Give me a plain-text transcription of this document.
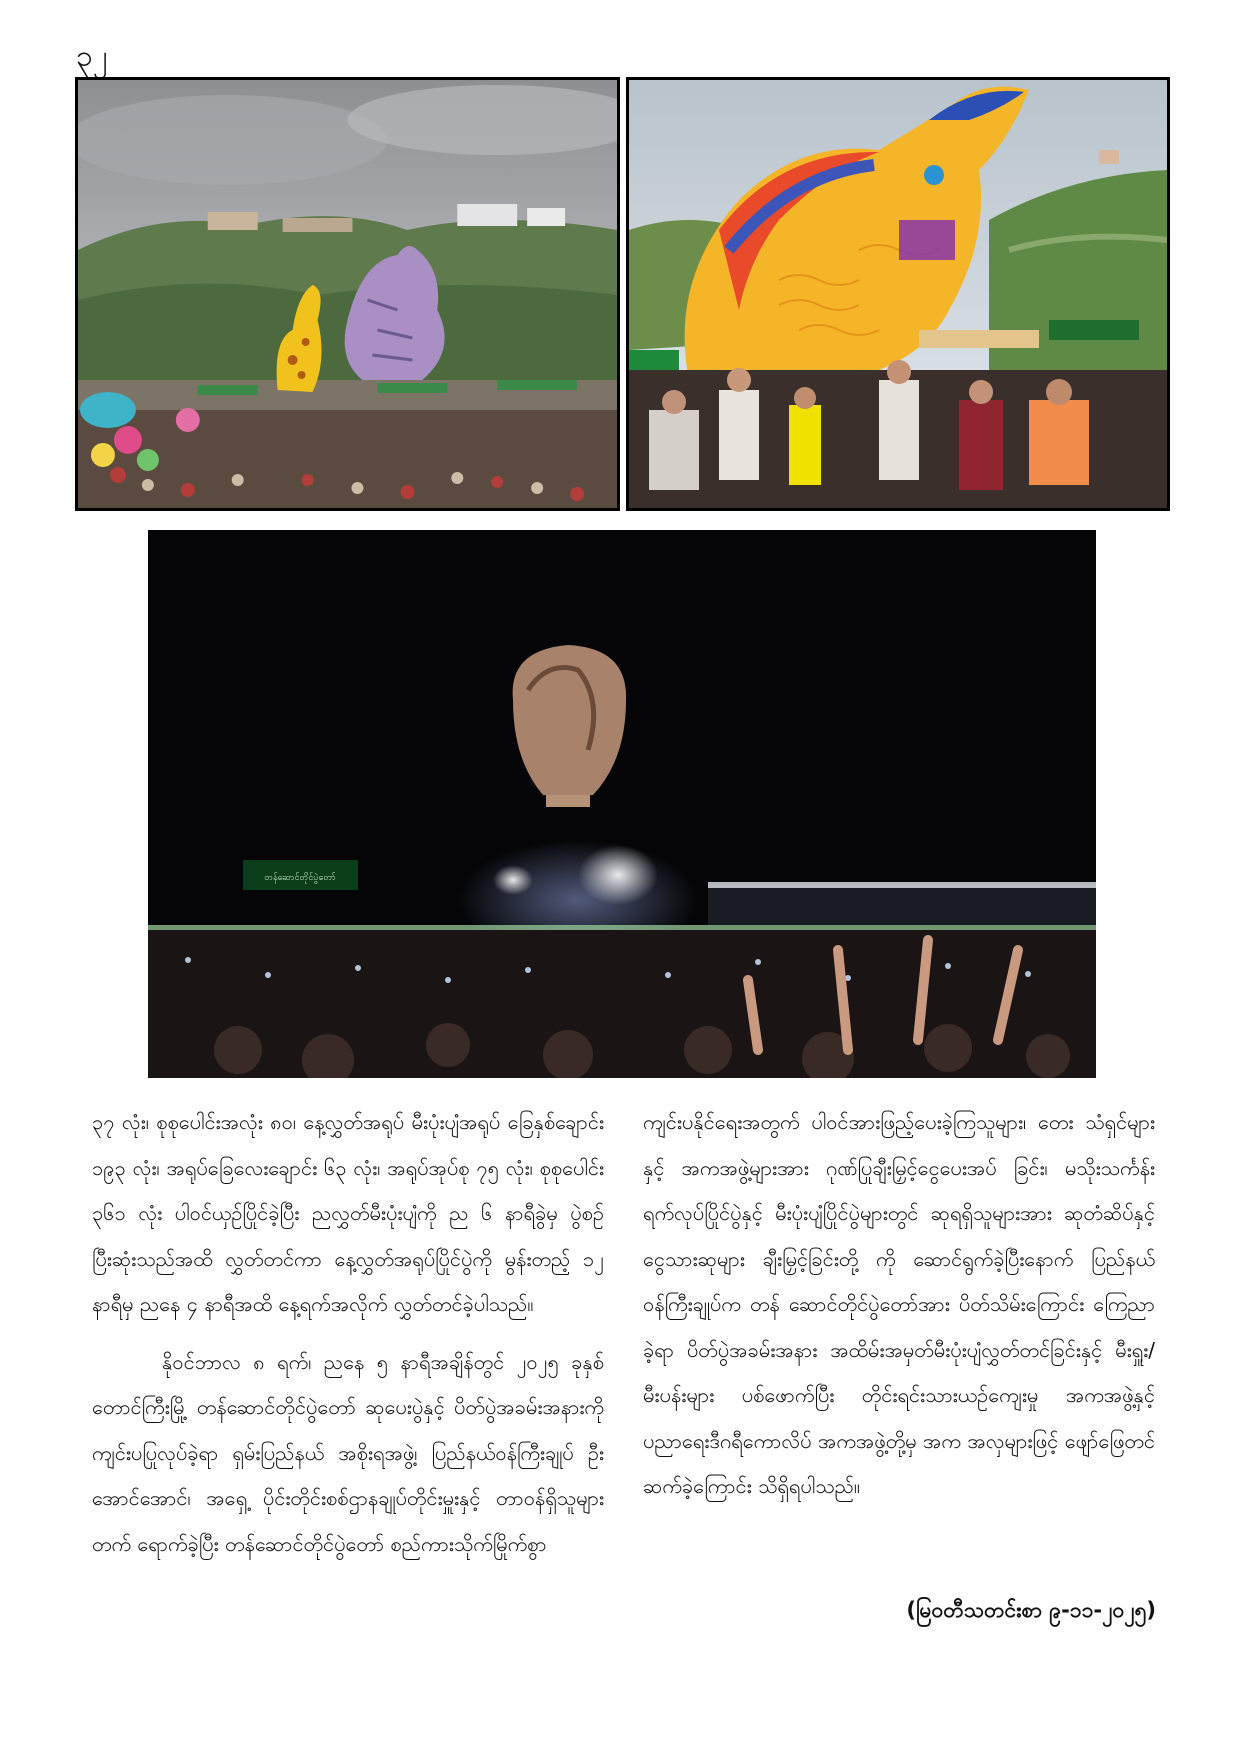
၃၂
တန်ဆောင်တိုင်ပွဲတော်

၃၇ လုံး၊ စုစုပေါင်းအလုံး ၈၀၊ နေ့လွှတ်အရုပ် မီးပုံးပျံအရုပ် ခြေနှစ်ချောင်း ၁၉၃ လုံး၊ အရုပ်ခြေလေးချောင်း ၆၃ လုံး၊ အရုပ်အုပ်စု ၇၅ လုံး၊ စုစုပေါင်း ၃၆၁ လုံး ပါဝင်ယှဉ်ပြိုင်ခဲ့ပြီး ညလွှတ်မီးပုံးပျံကို ည ၆ နာရီခွဲမှ ပွဲစဉ်ပြီးဆုံးသည်အထိ လွှတ်တင်ကာ နေ့လွှတ်အရုပ်ပြိုင်ပွဲကို မွန်းတည့် ၁၂ နာရီမှ ညနေ ၄ နာရီအထိ နေ့ရက်အလိုက် လွှတ်တင်ခဲ့ပါသည်။

နိုဝင်ဘာလ ၈ ရက်၊ ညနေ ၅ နာရီအချိန်တွင် ၂၀၂၅ ခုနှစ် တောင်ကြီးမြို့ တန်ဆောင်တိုင်ပွဲတော် ဆုပေးပွဲနှင့် ပိတ်ပွဲအခမ်းအနားကို ကျင်းပပြုလုပ်ခဲ့ရာ ရှမ်းပြည်နယ် အစိုးရအဖွဲ့၊ ပြည်နယ်ဝန်ကြီးချုပ် ဦးအောင်အောင်၊ အရှေ့ ပိုင်းတိုင်းစစ်ဌာနချုပ်တိုင်းမှူးနှင့် တာဝန်ရှိသူများ တက် ရောက်ခဲ့ပြီး တန်ဆောင်တိုင်ပွဲတော် စည်ကားသိုက်မြိုက်စွာ

ကျင်းပနိုင်ရေးအတွက် ပါဝင်အားဖြည့်ပေးခဲ့ကြသူများ၊ တေး သံရှင်များနှင့် အကအဖွဲ့များအား ဂုဏ်ပြုချီးမြှင့်ငွေပေးအပ် ခြင်း၊ မသိုးသင်္ကန်း ရက်လုပ်ပြိုင်ပွဲနှင့် မီးပုံးပျံပြိုင်ပွဲများတွင် ဆုရရှိသူများအား ဆုတံဆိပ်နှင့် ငွေသားဆုများ ချီးမြှင့်ခြင်းတို့ ကို ဆောင်ရွက်ခဲ့ပြီးနောက် ပြည်နယ်ဝန်ကြီးချုပ်က တန် ဆောင်တိုင်ပွဲတော်အား ပိတ်သိမ်းကြောင်း ကြေညာခဲ့ရာ ပိတ်ပွဲအခမ်းအနား အထိမ်းအမှတ်မီးပုံးပျံလွှတ်တင်ခြင်းနှင့် မီးရှူး/မီးပန်းများ ပစ်ဖောက်ပြီး တိုင်းရင်းသားယဉ်ကျေးမှု အကအဖွဲ့နှင့် ပညာရေးဒီဂရီကောလိပ် အကအဖွဲ့တို့မှ အက အလှများဖြင့် ဖျော်ဖြေတင်ဆက်ခဲ့ကြောင်း သိရှိရပါသည်။

(မြဝတီသတင်းစာ ၉-၁၁-၂၀၂၅)
